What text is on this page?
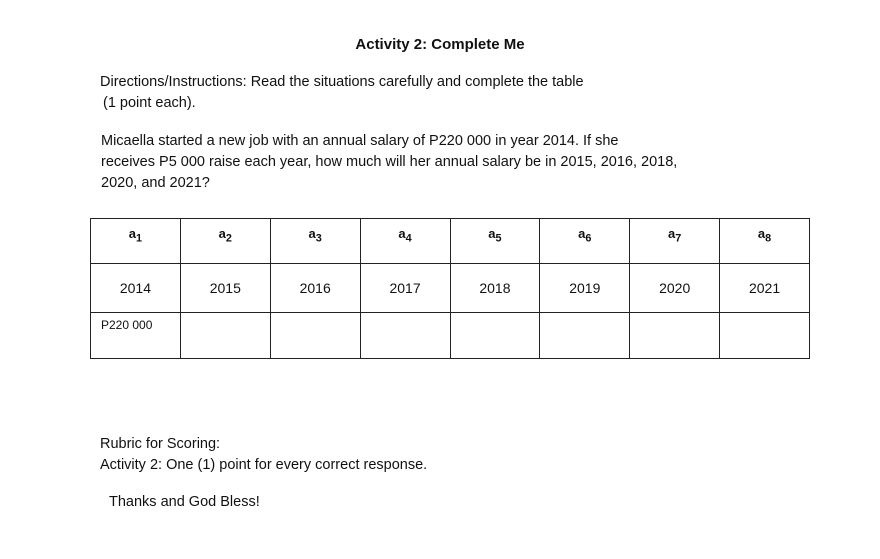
Activity 2: Complete Me
Directions/Instructions: Read the situations carefully and complete the table
(1 point each).
Micaella started a new job with an annual salary of P220 000 in year 2014. If she
receives P5 000 raise each year, how much will her annual salary be in 2015, 2016, 2018,
2020, and 2021?
$a_1$	$a_2$	$a_3$	$a_4$	$a_5$	$a_6$	$a_7$	$a_8$
2014	2015	2016	2017	2018	2019	2020	2021
P220 000							
Rubric for Scoring:
Activity 2: One (1) point for every correct response.
Thanks and God Bless!
